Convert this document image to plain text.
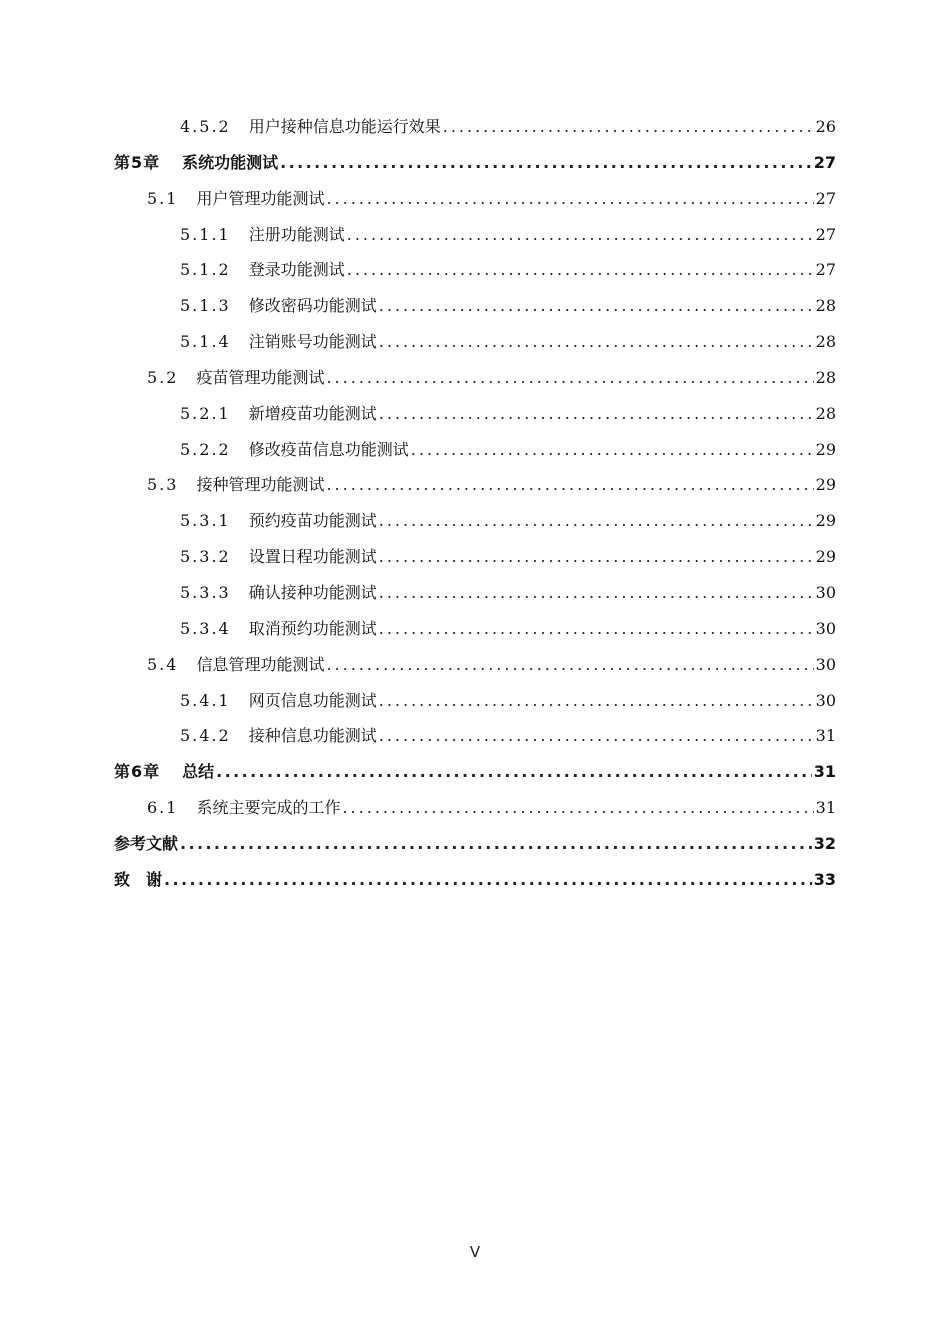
4.5.2	用户接种信息功能运行效果 .....	26
第5章	系统功能测试 .....	27
5.1	用户管理功能测试 .....	27
5.1.1	注册功能测试 .....	27
5.1.2	登录功能测试 .....	27
5.1.3	修改密码功能测试 .....	28
5.1.4	注销账号功能测试 .....	28
5.2	疫苗管理功能测试 .....	28
5.2.1	新增疫苗功能测试 .....	28
5.2.2	修改疫苗信息功能测试 .....	29
5.3	接种管理功能测试 .....	29
5.3.1	预约疫苗功能测试 .....	29
5.3.2	设置日程功能测试 .....	29
5.3.3	确认接种功能测试 .....	30
5.3.4	取消预约功能测试 .....	30
5.4	信息管理功能测试 .....	30
5.4.1	网页信息功能测试 .....	30
5.4.2	接种信息功能测试 .....	31
第6章	总结 .....	31
6.1	系统主要完成的工作 .....	31
参考文献 .....	32
致　谢 .....	33
V
